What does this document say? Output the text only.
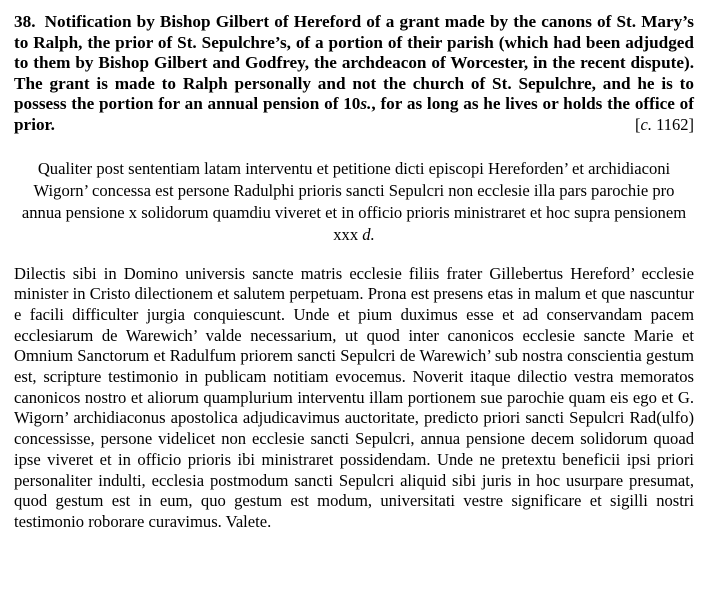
38. Notification by Bishop Gilbert of Hereford of a grant made by the canons of St. Mary’s to Ralph, the prior of St. Sepulchre’s, of a portion of their parish (which had been adjudged to them by Bishop Gilbert and Godfrey, the archdeacon of Worcester, in the recent dispute). The grant is made to Ralph personally and not the church of St. Sepulchre, and he is to possess the portion for an annual pension of 10s., for as long as he lives or holds the office of prior.	[c. 1162]

Qualiter post sententiam latam interventu et petitione dicti episcopi Hereforden’ et archidiaconi Wigorn’ concessa est persone Radulphi prioris sancti Sepulcri non ecclesie illa pars parochie pro annua pensione x solidorum quamdiu viveret et in officio prioris ministraret et hoc supra pensionem xxx d.

Dilectis sibi in Domino universis sancte matris ecclesie filiis frater Gillebertus Hereford’ ecclesie minister in Cristo dilectionem et salutem perpetuam. Prona est presens etas in malum et que nascuntur e facili difficulter jurgia conquiescunt. Unde et pium duximus esse et ad conservandam pacem ecclesiarum de Warewich’ valde necessarium, ut quod inter canonicos ecclesie sancte Marie et Omnium Sanctorum et Radulfum priorem sancti Sepulcri de Warewich’ sub nostra conscientia gestum est, scripture testimonio in publicam notitiam evocemus. Noverit itaque dilectio vestra memoratos canonicos nostro et aliorum quamplurium interventu illam portionem sue parochie quam eis ego et G. Wigorn’ archidiaconus apostolica adjudicavimus auctoritate, predicto priori sancti Sepulcri Rad(ulfo) concessisse, persone videlicet non ecclesie sancti Sepulcri, annua pensione decem solidorum quoad ipse viveret et in officio prioris ibi ministraret possidendam. Unde ne pretextu beneficii ipsi priori personaliter indulti, ecclesia postmodum sancti Sepulcri aliquid sibi juris in hoc usurpare presumat, quod gestum est in eum, quo gestum est modum, universitati vestre significare et sigilli nostri testimonio roborare curavimus. Valete.
